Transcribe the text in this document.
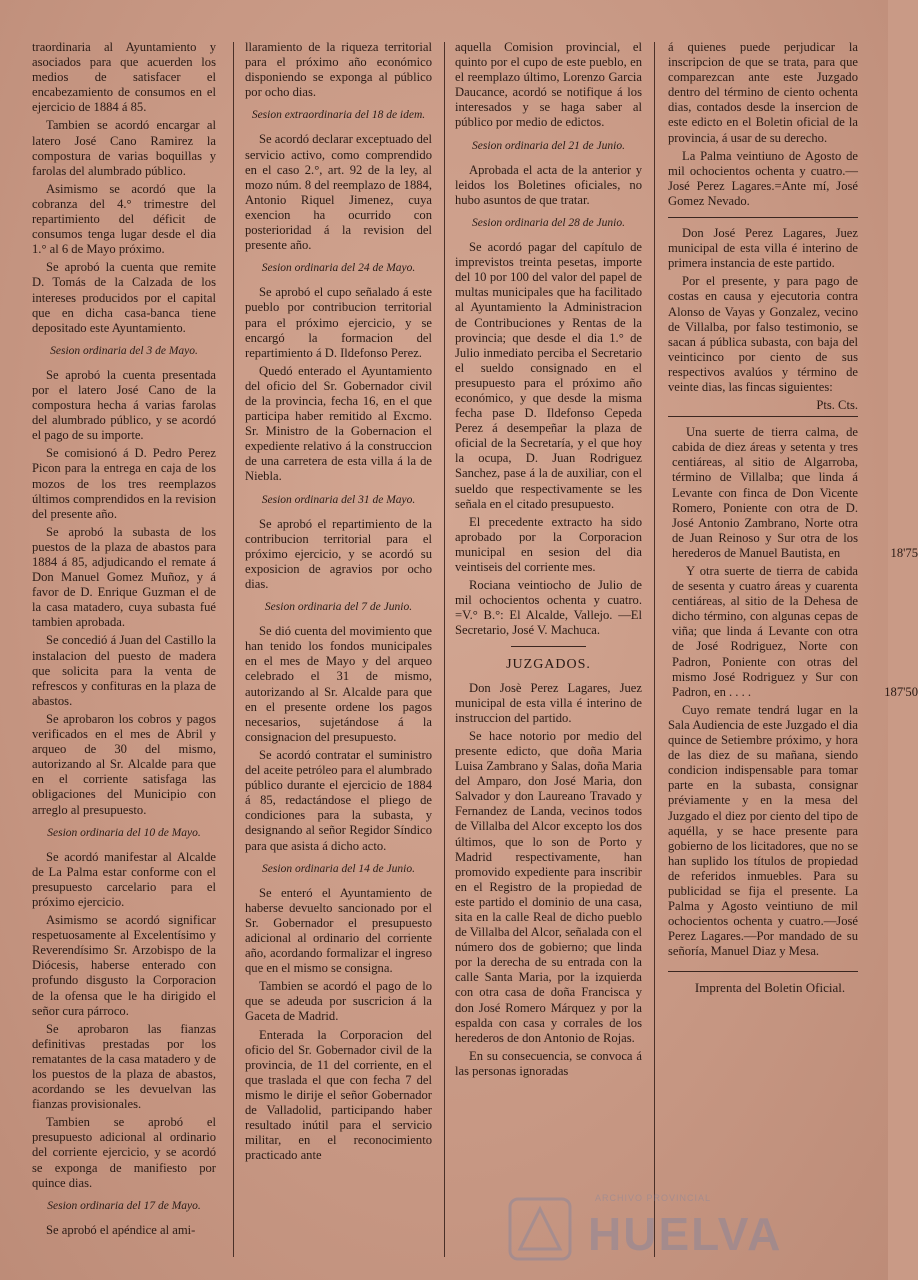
traordinaria al Ayuntamiento y asociados para que acuerden los medios de satisfacer el encabezamiento de consumos en el ejercicio de 1884 á 85.

Tambien se acordó encargar al latero José Cano Ramirez la compostura de varias boquillas y farolas del alumbrado público.

Asimismo se acordó que la cobranza del 4.° trimestre del repartimiento del déficit de consumos tenga lugar desde el dia 1.° al 6 de Mayo próximo.

Se aprobó la cuenta que remite D. Tomás de la Calzada de los intereses producidos por el capital que en dicha casa-banca tiene depositado este Ayuntamiento.

Sesion ordinaria del 3 de Mayo.

Se aprobó la cuenta presentada por el latero José Cano de la compostura hecha á varias farolas del alumbrado público, y se acordó el pago de su importe.

Se comisionó á D. Pedro Perez Picon para la entrega en caja de los mozos de los tres reemplazos últimos comprendidos en la revision del presente año.

Se aprobó la subasta de los puestos de la plaza de abastos para 1884 á 85, adjudicando el remate á Don Manuel Gomez Muñoz, y á favor de D. Enrique Guzman el de la casa matadero, cuya subasta fué tambien aprobada.

Se concedió á Juan del Castillo la instalacion del puesto de madera que solicita para la venta de refrescos y confituras en la plaza de abastos.

Se aprobaron los cobros y pagos verificados en el mes de Abril y arqueo de 30 del mismo, autorizando al Sr. Alcalde para que en el corriente satisfaga las obligaciones del Municipio con arreglo al presupuesto.

Sesion ordinaria del 10 de Mayo.

Se acordó manifestar al Alcalde de La Palma estar conforme con el presupuesto carcelario para el próximo ejercicio.

Asimismo se acordó significar respetuosamente al Excelentísimo y Reverendísimo Sr. Arzobispo de la Diócesis, haberse enterado con profundo disgusto la Corporacion de la ofensa que le ha dirigido el señor cura párroco.

Se aprobaron las fianzas definitivas prestadas por los rematantes de la casa matadero y de los puestos de la plaza de abastos, acordando se les devuelvan las fianzas provisionales.

Tambien se aprobó el presupuesto adicional al ordinario del corriente ejercicio, y se acordó se exponga de manifiesto por quince dias.

Sesion ordinaria del 17 de Mayo.

Se aprobó el apéndice al ami-

llaramiento de la riqueza territorial para el próximo año económico disponiendo se exponga al público por ocho dias.

Sesion extraordinaria del 18 de idem.

Se acordó declarar exceptuado del servicio activo, como comprendido en el caso 2.°, art. 92 de la ley, al mozo núm. 8 del reemplazo de 1884, Antonio Riquel Jimenez, cuya exencion ha ocurrido con posterioridad á la revision del presente año.

Sesion ordinaria del 24 de Mayo.

Se aprobó el cupo señalado á este pueblo por contribucion territorial para el próximo ejercicio, y se encargó la formacion del repartimiento á D. Ildefonso Perez.

Quedó enterado el Ayuntamiento del oficio del Sr. Gobernador civil de la provincia, fecha 16, en el que participa haber remitido al Excmo. Sr. Ministro de la Gobernacion el expediente relativo á la construccion de una carretera de esta villa á la de Niebla.

Sesion ordinaria del 31 de Mayo.

Se aprobó el repartimiento de la contribucion territorial para el próximo ejercicio, y se acordó su exposicion de agravios por ocho dias.

Sesion ordinaria del 7 de Junio.

Se dió cuenta del movimiento que han tenido los fondos municipales en el mes de Mayo y del arqueo celebrado el 31 de mismo, autorizando al Sr. Alcalde para que en el presente ordene los pagos necesarios, sujetándose á la consignacion del presupuesto.

Se acordó contratar el suministro del aceite petróleo para el alumbrado público durante el ejercicio de 1884 á 85, redactándose el pliego de condiciones para la subasta, y designando al señor Regidor Síndico para que asista á dicho acto.

Sesion ordinaria del 14 de Junio.

Se enteró el Ayuntamiento de haberse devuelto sancionado por el Sr. Gobernador el presupuesto adicional al ordinario del corriente año, acordando formalizar el ingreso que en el mismo se consigna.

Tambien se acordó el pago de lo que se adeuda por suscricion á la Gaceta de Madrid.

Enterada la Corporacion del oficio del Sr. Gobernador civil de la provincia, de 11 del corriente, en el que traslada el que con fecha 7 del mismo le dirije el señor Gobernador de Valladolid, participando haber resultado inútil para el servicio militar, en el reconocimiento practicado ante

aquella Comision provincial, el quinto por el cupo de este pueblo, en el reemplazo último, Lorenzo Garcia Daucance, acordó se notifique á los interesados y se haga saber al público por medio de edictos.

Sesion ordinaria del 21 de Junio.

Aprobada el acta de la anterior y leidos los Boletines oficiales, no hubo asuntos de que tratar.

Sesion ordinaria del 28 de Junio.

Se acordó pagar del capítulo de imprevistos treinta pesetas, importe del 10 por 100 del valor del papel de multas municipales que ha facilitado al Ayuntamiento la Administracion de Contribuciones y Rentas de la provincia; que desde el dia 1.° de Julio inmediato perciba el Secretario el sueldo consignado en el presupuesto para el próximo año económico, y que desde la misma fecha pase D. Ildefonso Cepeda Perez á desempeñar la plaza de oficial de la Secretaría, y el que hoy la ocupa, D. Juan Rodriguez Sanchez, pase á la de auxiliar, con el sueldo que respectivamente se les señala en el citado presupuesto.

El precedente extracto ha sido aprobado por la Corporacion municipal en sesion del dia veintiseis del corriente mes.

Rociana veintiocho de Julio de mil ochocientos ochenta y cuatro. =V.° B.°: El Alcalde, Vallejo. —El Secretario, José V. Machuca.

JUZGADOS.

Don Josè Perez Lagares, Juez municipal de esta villa é interino de instruccion del partido.

Se hace notorio por medio del presente edicto, que doña Maria Luisa Zambrano y Salas, doña Maria del Amparo, don José Maria, don Salvador y don Laureano Travado y Fernandez de Landa, vecinos todos de Villalba del Alcor excepto los dos últimos, que lo son de Porto y Madrid respectivamente, han promovido expediente para inscribir en el Registro de la propiedad de este partido el dominio de una casa, sita en la calle Real de dicho pueblo de Villalba del Alcor, señalada con el número dos de gobierno; que linda por la derecha de su entrada con la calle Santa Maria, por la izquierda con otra casa de doña Francisca y don José Romero Márquez y por la espalda con casa y corrales de los herederos de don Antonio de Rojas.

En su consecuencia, se convoca á las personas ignoradas

á quienes puede perjudicar la inscripcion de que se trata, para que comparezcan ante este Juzgado dentro del término de ciento ochenta dias, contados desde la insercion de este edicto en el Boletin oficial de la provincia, á usar de su derecho.

La Palma veintiuno de Agosto de mil ochocientos ochenta y cuatro.—José Perez Lagares.=Ante mí, José Gomez Nevado.

Don José Perez Lagares, Juez municipal de esta villa é interino de primera instancia de este partido.

Por el presente, y para pago de costas en causa y ejecutoria contra Alonso de Vayas y Gonzalez, vecino de Villalba, por falso testimonio, se sacan á pública subasta, con baja del veinticinco por ciento de sus respectivos avalúos y término de veinte dias, las fincas siguientes:

Pts. Cts.

Una suerte de tierra calma, de cabida de diez áreas y setenta y tres centiáreas, al sitio de Algarroba, término de Villalba; que linda á Levante con finca de Don Vicente Romero, Poniente con otra de D. José Antonio Zambrano, Norte otra de Juan Reinoso y Sur otra de los herederos de Manuel Bautista, en	18'75

Y otra suerte de tierra de cabida de sesenta y cuatro áreas y cuarenta centiáreas, al sitio de la Dehesa de dicho término, con algunas cepas de viña; que linda á Levante con otra de José Rodriguez, Norte con Padron, Poniente con otras del mismo José Rodriguez y Sur con Padron, en . . . .	187'50

Cuyo remate tendrá lugar en la Sala Audiencia de este Juzgado el dia quince de Setiembre próximo, y hora de las diez de su mañana, siendo condicion indispensable para tomar parte en la subasta, consignar préviamente y en la mesa del Juzgado el diez por ciento del tipo de aquélla, y se hace presente para gobierno de los licitadores, que no se han suplido los títulos de propiedad de referidos inmuebles. Para su publicidad se fija el presente. La Palma y Agosto veintiuno de mil ochocientos ochenta y cuatro.—José Perez Lagares.—Por mandado de su señoría, Manuel Diaz y Mesa.

Imprenta del Boletin Oficial.

ARCHIVO PROVINCIAL
HUELVA
